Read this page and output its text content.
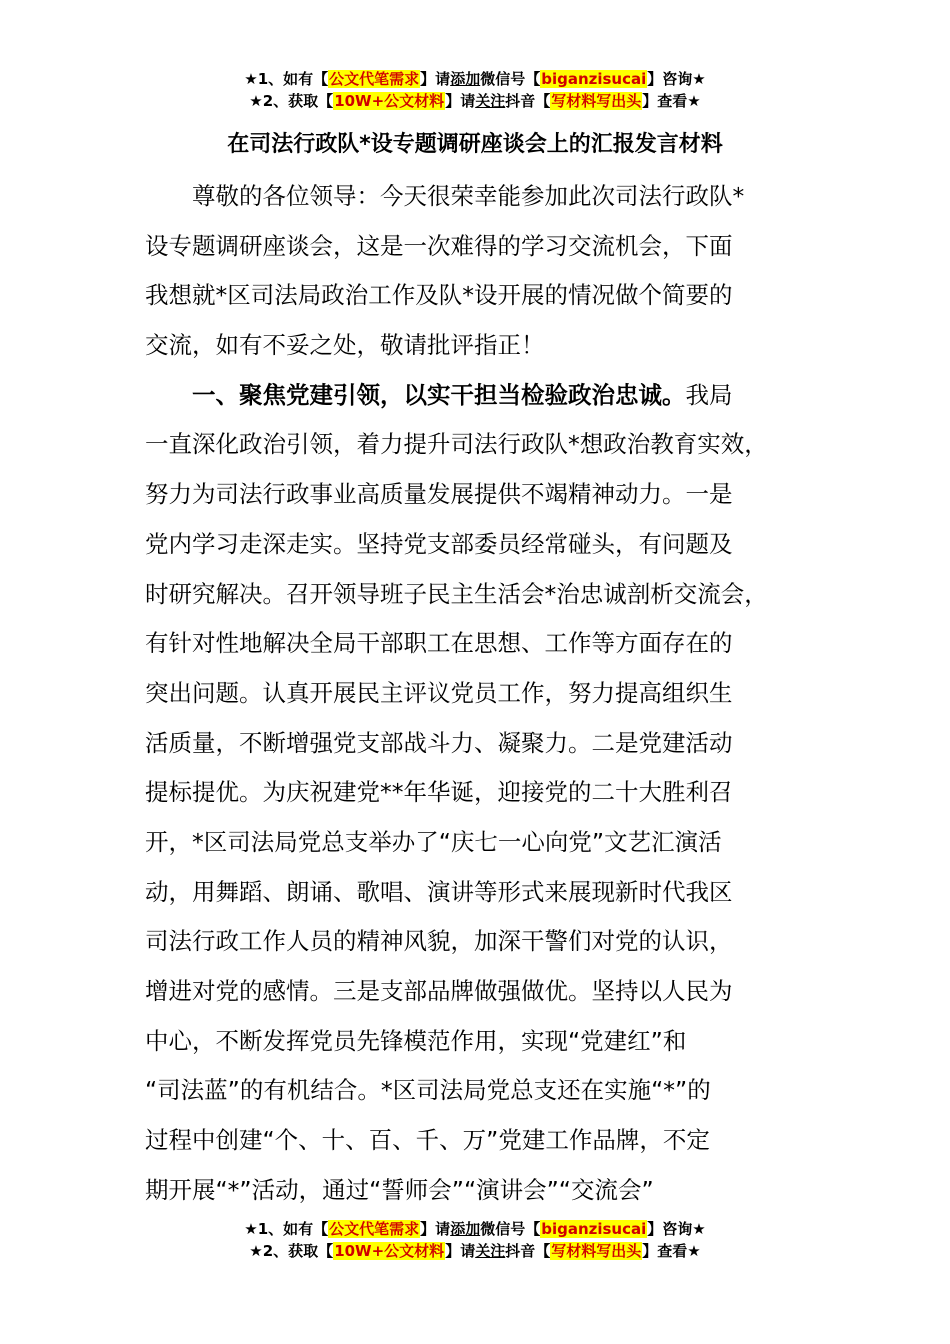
★1、如有【公文代笔需求】请添加微信号【biganzisucai】咨询★
★2、获取【10W+公文材料】请关注抖音【写材料写出头】查看★
在司法行政队*设专题调研座谈会上的汇报发言材料
尊敬的各位领导：今天很荣幸能参加此次司法行政队*
设专题调研座谈会，这是一次难得的学习交流机会，下面
我想就*区司法局政治工作及队*设开展的情况做个简要的
交流，如有不妥之处，敬请批评指正！
一、聚焦党建引领，以实干担当检验政治忠诚。我局
一直深化政治引领，着力提升司法行政队*想政治教育实效，
努力为司法行政事业高质量发展提供不竭精神动力。一是
党内学习走深走实。坚持党支部委员经常碰头，有问题及
时研究解决。召开领导班子民主生活会*治忠诚剖析交流会，
有针对性地解决全局干部职工在思想、工作等方面存在的
突出问题。认真开展民主评议党员工作，努力提高组织生
活质量，不断增强党支部战斗力、凝聚力。二是党建活动
提标提优。为庆祝建党**年华诞，迎接党的二十大胜利召
开，*区司法局党总支举办了“庆七一心向党”文艺汇演活
动，用舞蹈、朗诵、歌唱、演讲等形式来展现新时代我区
司法行政工作人员的精神风貌，加深干警们对党的认识，
增进对党的感情。三是支部品牌做强做优。坚持以人民为
中心，不断发挥党员先锋模范作用，实现“党建红”和
“司法蓝”的有机结合。*区司法局党总支还在实施“*”的
过程中创建“个、十、百、千、万”党建工作品牌，不定
期开展“*”活动，通过“誓师会”“演讲会”“交流会”
★1、如有【公文代笔需求】请添加微信号【biganzisucai】咨询★
★2、获取【10W+公文材料】请关注抖音【写材料写出头】查看★
